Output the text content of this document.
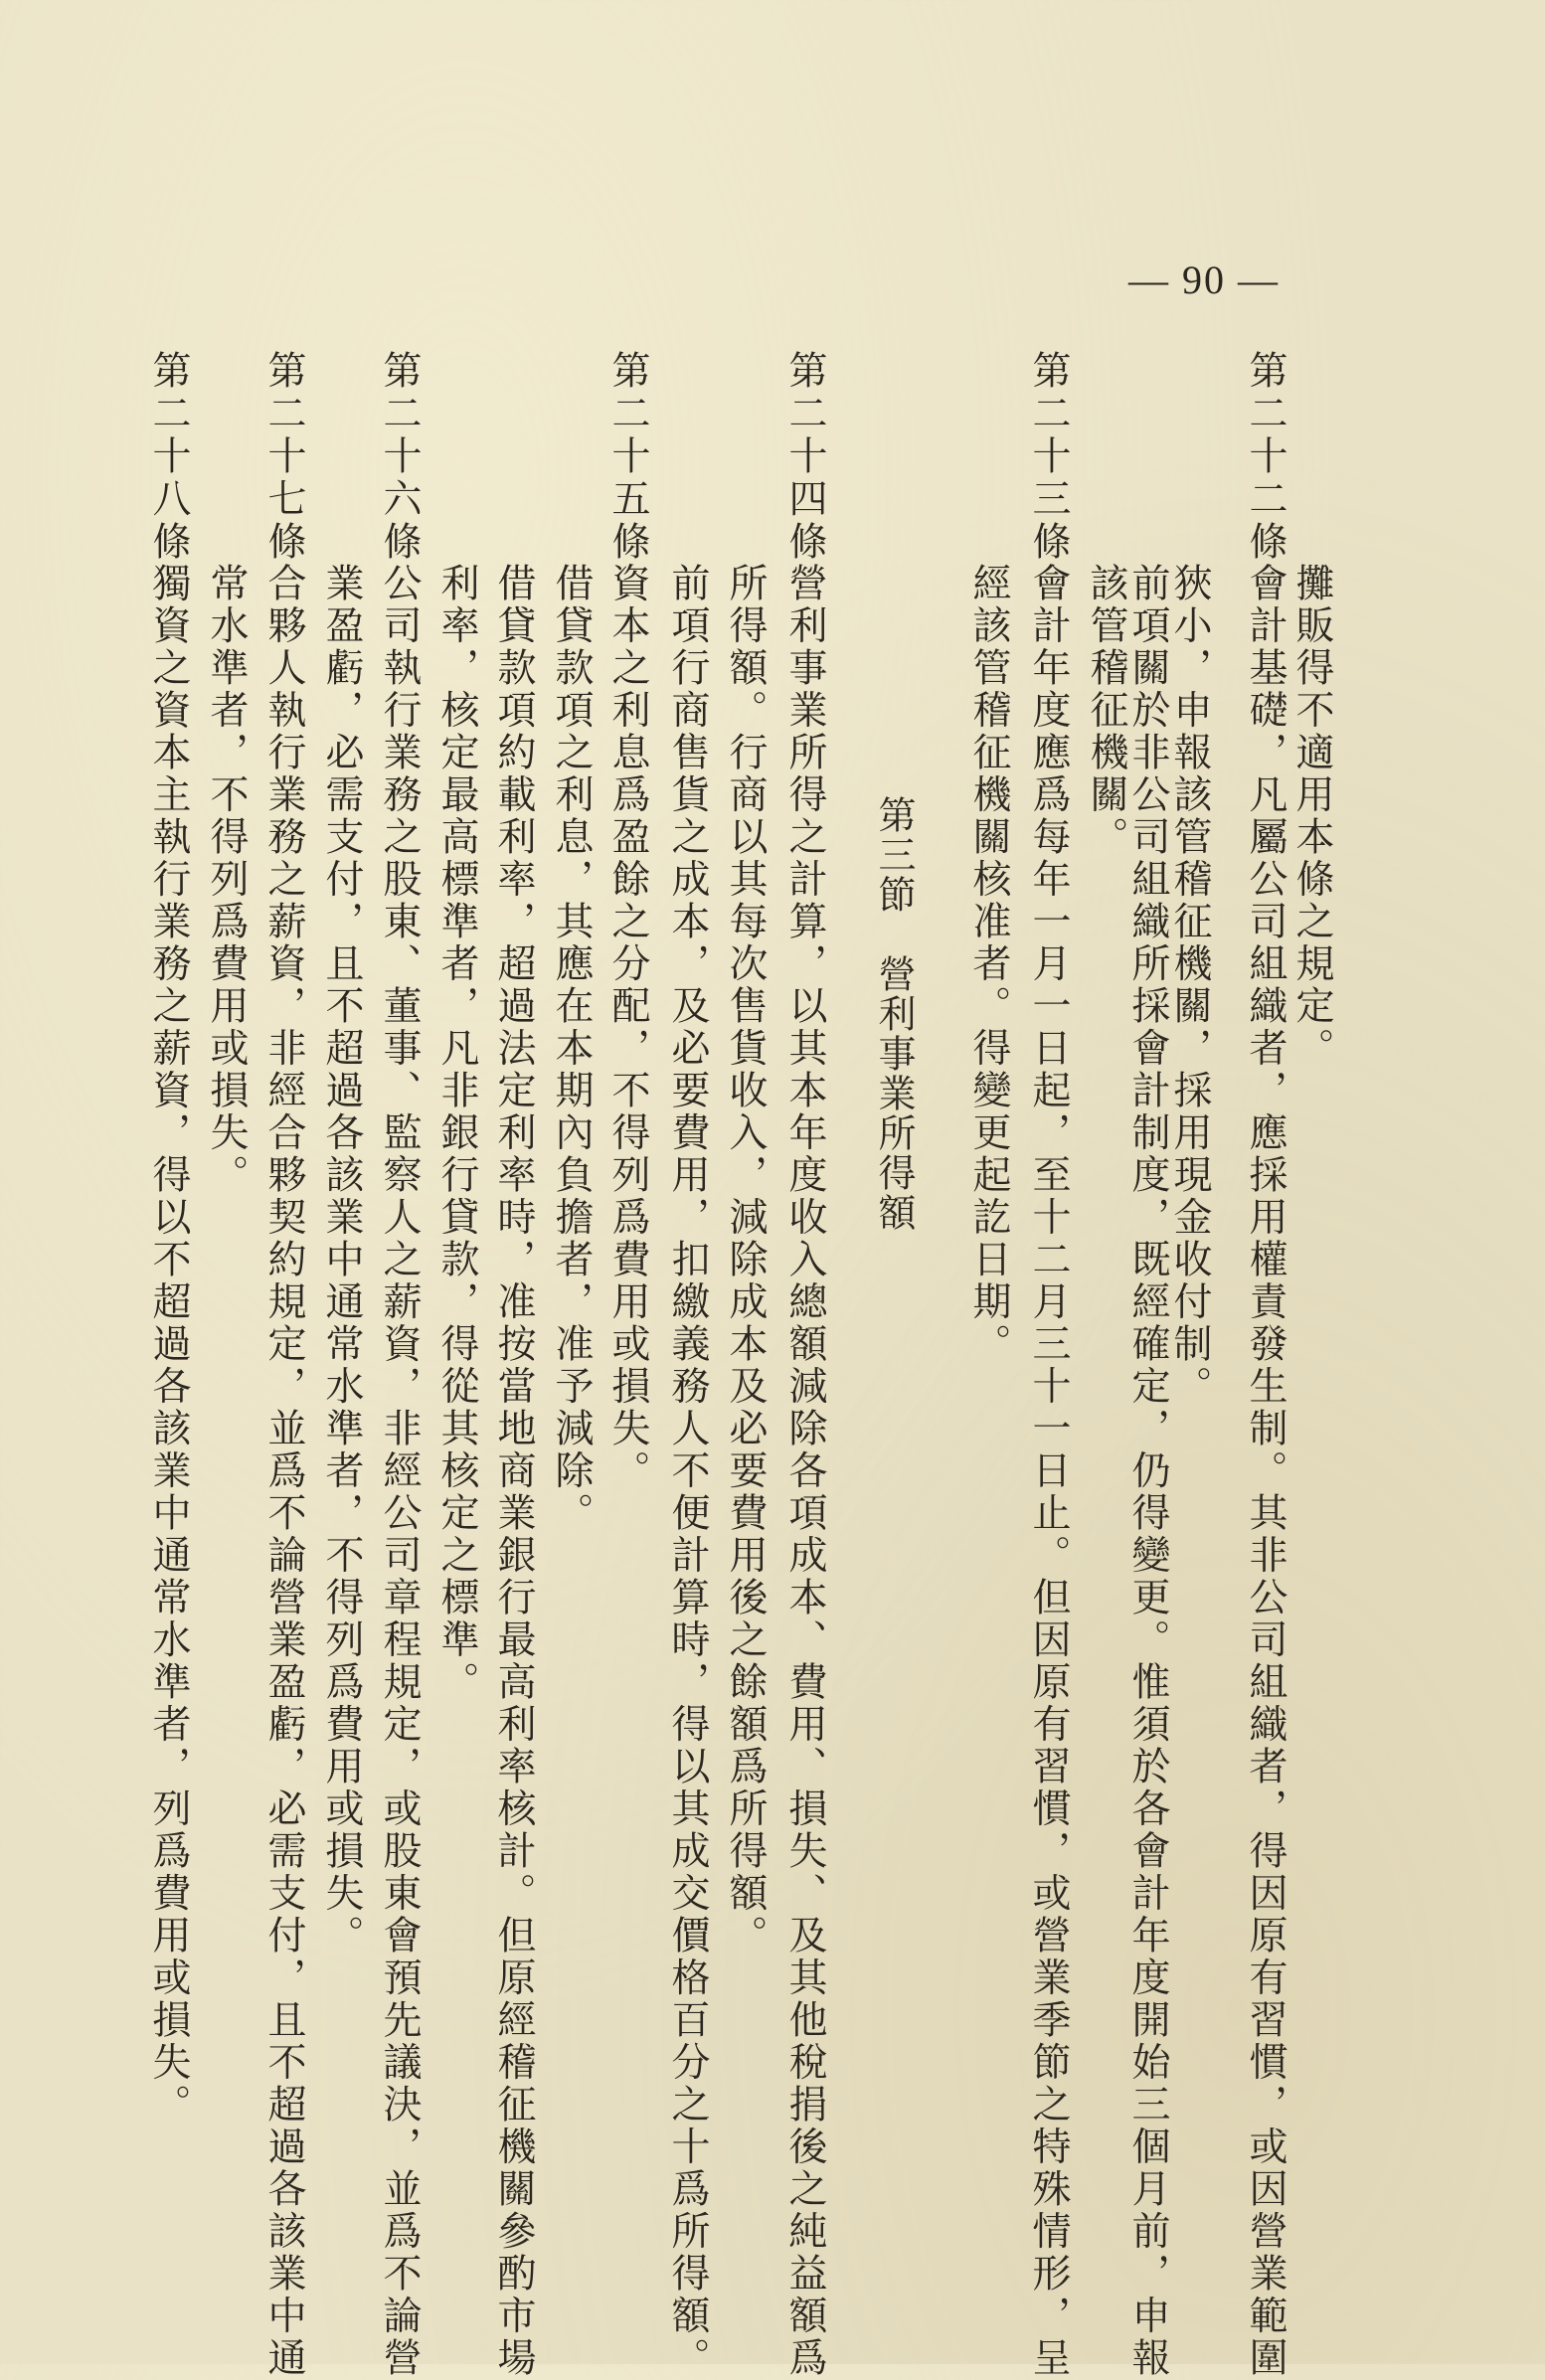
— 90 —
攤販得不適用本條之規定。
第二十二條
會計基礎，凡屬公司組織者，應採用權責發生制。其非公司組織者，得因原有習慣，或因營業範圍
狹小，申報該管稽征機關，採用現金收付制。
前項關於非公司組織所採會計制度，既經確定，仍得變更。惟須於各會計年度開始三個月前，申報
該管稽征機關。
第二十三條
會計年度應爲每年一月一日起，至十二月三十一日止。但因原有習慣，或營業季節之特殊情形，呈
經該管稽征機關核准者。得變更起訖日期。
第三節營利事業所得額
第二十四條
營利事業所得之計算，以其本年度收入總額減除各項成本、費用、損失、及其他稅捐後之純益額爲
所得額。行商以其每次售貨收入，減除成本及必要費用後之餘額爲所得額。
前項行商售貨之成本，及必要費用，扣繳義務人不便計算時，得以其成交價格百分之十爲所得額。
第二十五條
資本之利息爲盈餘之分配，不得列爲費用或損失。
借貸款項之利息，其應在本期內負擔者，准予減除。
借貸款項約載利率，超過法定利率時，准按當地商業銀行最高利率核計。但原經稽征機關參酌市場
利率，核定最高標準者，凡非銀行貸款，得從其核定之標準。
第二十六條
公司執行業務之股東、董事、監察人之薪資，非經公司章程規定，或股東會預先議決，並爲不論營
業盈虧，必需支付，且不超過各該業中通常水準者，不得列爲費用或損失。
第二十七條
合夥人執行業務之薪資，非經合夥契約規定，並爲不論營業盈虧，必需支付，且不超過各該業中通
常水準者，不得列爲費用或損失。
第二十八條
獨資之資本主執行業務之薪資，得以不超過各該業中通常水準者，列爲費用或損失。
